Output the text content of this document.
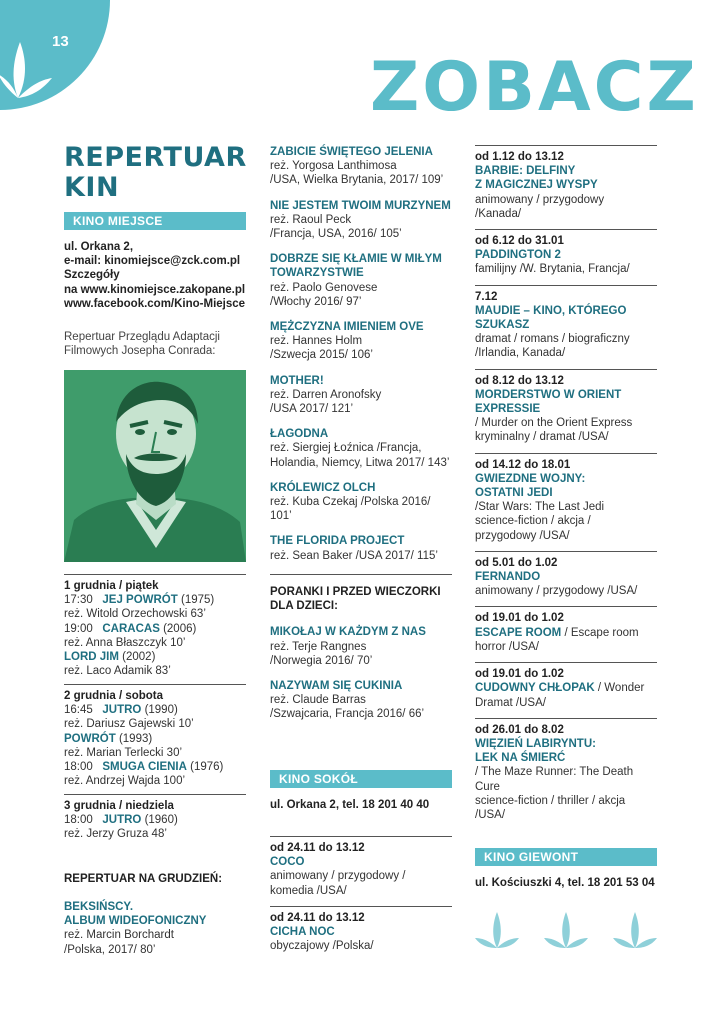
13
ZOBACZ
REPERTUAR
KIN
KINO MIEJSCE
ul. Orkana 2,
e-mail: kinomiejsce@zck.com.pl
Szczegóły
na www.kinomiejsce.zakopane.pl
www.facebook.com/Kino-Miejsce
Repertuar Przeglądu Adaptacji
Filmowych Josepha Conrada:
1 grudnia / piątek
17:30 JEJ POWRÓT (1975)
reż. Witold Orzechowski 63’
19:00 CARACAS (2006)
reż. Anna Błaszczyk 10’
LORD JIM (2002)
reż. Laco Adamik 83’
2 grudnia / sobota
16:45 JUTRO (1990)
reż. Dariusz Gajewski 10’
POWRÓT (1993)
reż. Marian Terlecki 30’
18:00 SMUGA CIENIA (1976)
reż. Andrzej Wajda 100’
3 grudnia / niedziela
18:00 JUTRO (1960)
reż. Jerzy Gruza 48’
REPERTUAR NA GRUDZIEŃ:
BEKSIŃSCY.
ALBUM WIDEOFONICZNY
reż. Marcin Borchardt
/Polska, 2017/ 80’

ZABICIE ŚWIĘTEGO JELENIA
reż. Yorgosa Lanthimosa
/USA, Wielka Brytania, 2017/ 109’

NIE JESTEM TWOIM MURZYNEM
reż. Raoul Peck
/Francja, USA, 2016/ 105’

DOBRZE SIĘ KŁAMIE W MIŁYM
TOWARZYSTWIE
reż. Paolo Genovese
/Włochy 2016/ 97’

MĘŻCZYZNA IMIENIEM OVE
reż. Hannes Holm
/Szwecja 2015/ 106’

MOTHER!
reż. Darren Aronofsky
/USA 2017/ 121’

ŁAGODNA
reż. Siergiej Łoźnica /Francja,
Holandia, Niemcy, Litwa 2017/ 143’

KRÓLEWICZ OLCH
reż. Kuba Czekaj /Polska 2016/ 101’

THE FLORIDA PROJECT
reż. Sean Baker /USA 2017/ 115’

PORANKI I PRZED WIECZORKI
DLA DZIECI:

MIKOŁAJ W KAŻDYM Z NAS
reż. Terje Rangnes
/Norwegia 2016/ 70’

NAZYWAM SIĘ CUKINIA
reż. Claude Barras
/Szwajcaria, Francja 2016/ 66’

KINO SOKÓŁ
ul. Orkana 2, tel. 18 201 40 40
od 24.11 do 13.12
COCO
animowany / przygodowy /
komedia /USA/
od 24.11 do 13.12
CICHA NOC
obyczajowy /Polska/
od 1.12 do 13.12
BARBIE: DELFINY
Z MAGICZNEJ WYSPY
animowany / przygodowy
/Kanada/
od 6.12 do 31.01
PADDINGTON 2
familijny /W. Brytania, Francja/
7.12
MAUDIE – KINO, KTÓREGO
SZUKASZ
dramat / romans / biograficzny
/Irlandia, Kanada/
od 8.12 do 13.12
MORDERSTWO W ORIENT
EXPRESSIE
/ Murder on the Orient Express
kryminalny / dramat /USA/
od 14.12 do 18.01
GWIEZDNE WOJNY:
OSTATNI JEDI
/Star Wars: The Last Jedi
science-fiction / akcja /
przygodowy /USA/
od 5.01 do 1.02
FERNANDO
animowany / przygodowy /USA/
od 19.01 do 1.02
ESCAPE ROOM / Escape room
horror /USA/
od 19.01 do 1.02
CUDOWNY CHŁOPAK / Wonder
Dramat /USA/
od 26.01 do 8.02
WIĘZIEŃ LABIRYNTU:
LEK NA ŚMIERĆ
/ The Maze Runner: The Death Cure
science-fiction / thriller / akcja
/USA/
KINO GIEWONT
ul. Kościuszki 4, tel. 18 201 53 04
